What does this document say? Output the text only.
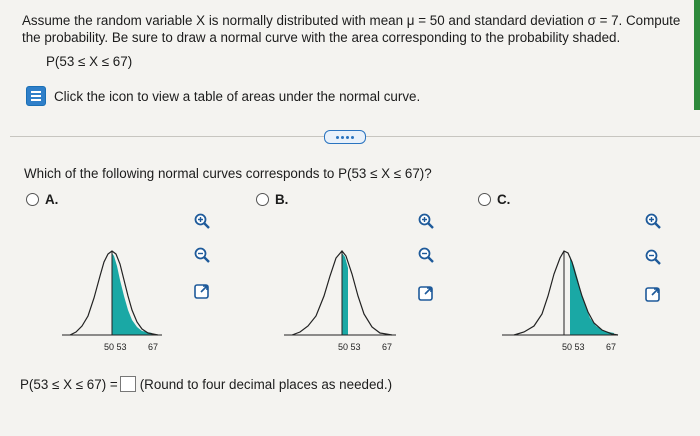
Assume the random variable X is normally distributed with mean μ = 50 and standard deviation σ = 7. Compute the probability. Be sure to draw a normal curve with the area corresponding to the probability shaded.
P(53 ≤ X ≤ 67)
Click the icon to view a table of areas under the normal curve.
Which of the following normal curves corresponds to P(53 ≤ X ≤ 67)?
A.	B.	C.
50 53 67	50 53 67	50 53 67
P(53 ≤ X ≤ 67) = (Round to four decimal places as needed.)
